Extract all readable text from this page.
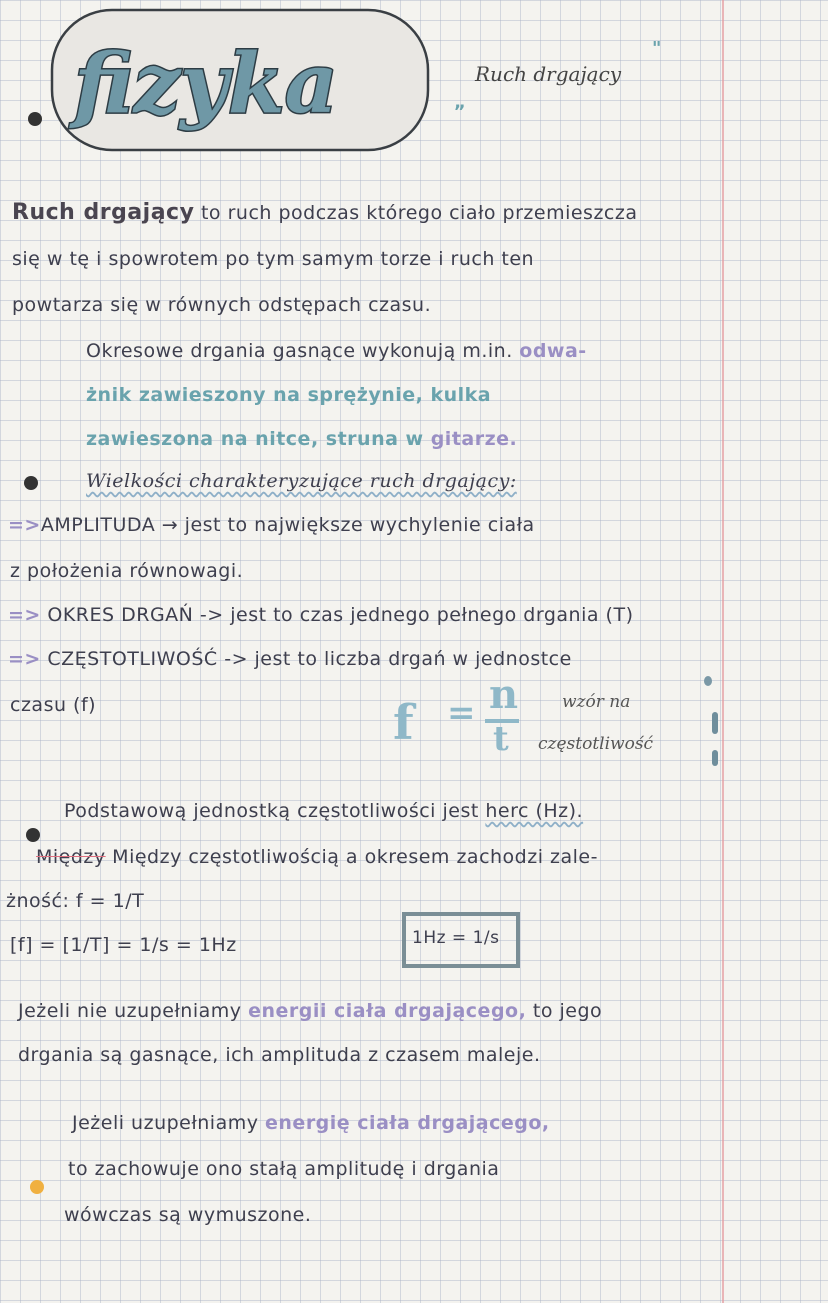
fizyka	„
Ruch drgający
"
Ruch drgający to ruch podczas którego ciało przemieszcza
się w tę i spowrotem po tym samym torze i ruch ten
powtarza się w równych odstępach czasu.
Okresowe drgania gasnące wykonują m.in. odwa-
żnik zawieszony na sprężynie, kulka
zawieszona na nitce, struna w gitarze.
Wielkości charakteryzujące ruch drgający:
=>AMPLITUDA → jest to największe wychylenie ciała
z położenia równowagi.
=> OKRES DRGAŃ -> jest to czas jednego pełnego drgania (T)
=> CZĘSTOTLIWOŚĆ -> jest to liczba drgań w jednostce
czasu (f)	f = n
t
wzór na
częstotliwość
Podstawową jednostką częstotliwości jest herc (Hz).
Między Między częstotliwością a okresem zachodzi zale-
żność: f = 1/T
[f] = [1/T] = 1/s = 1Hz	1Hz = 1/s
Jeżeli nie uzupełniamy energii ciała drgającego, to jego
drgania są gasnące, ich amplituda z czasem maleje.
Jeżeli uzupełniamy energię ciała drgającego,
to zachowuje ono stałą amplitudę i drgania
wówczas są wymuszone.
